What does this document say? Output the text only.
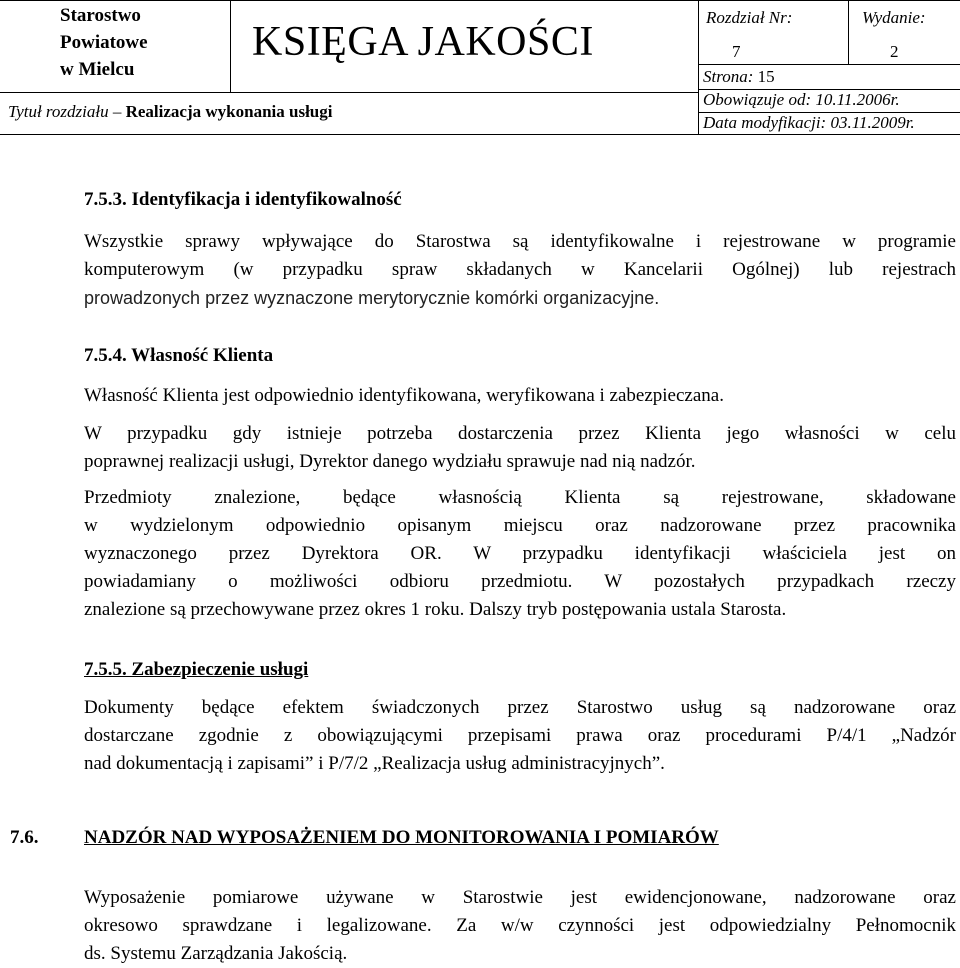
Starostwo
Powiatowe
w Mielcu
KSIĘGA JAKOŚCI
Rozdział Nr:
7
Wydanie:
2
Strona: 15
Obowiązuje od: 10.11.2006r.
Data modyfikacji: 03.11.2009r.
Tytuł rozdziału – Realizacja wykonania usługi
7.5.3. Identyfikacja i identyfikowalność
Wszystkie sprawy wpływające do Starostwa są identyfikowalne i rejestrowane w programie
komputerowym (w przypadku spraw składanych w Kancelarii Ogólnej) lub rejestrach
prowadzonych przez wyznaczone merytorycznie komórki organizacyjne.
7.5.4. Własność Klienta
Własność Klienta jest odpowiednio identyfikowana, weryfikowana i zabezpieczana.
W przypadku gdy istnieje potrzeba dostarczenia przez Klienta jego własności w celu
poprawnej realizacji usługi, Dyrektor danego wydziału sprawuje nad nią nadzór.
Przedmioty znalezione, będące własnością Klienta są rejestrowane, składowane
w wydzielonym odpowiednio opisanym miejscu oraz nadzorowane przez pracownika
wyznaczonego przez Dyrektora OR. W przypadku identyfikacji właściciela jest on
powiadamiany o możliwości odbioru przedmiotu. W pozostałych przypadkach rzeczy
znalezione są przechowywane przez okres 1 roku. Dalszy tryb postępowania ustala Starosta.
7.5.5. Zabezpieczenie usługi
Dokumenty będące efektem świadczonych przez Starostwo usług są nadzorowane oraz
dostarczane zgodnie z obowiązującymi przepisami prawa oraz procedurami P/4/1 „Nadzór
nad dokumentacją i zapisami” i P/7/2 „Realizacja usług administracyjnych”.
7.6. NADZÓR NAD WYPOSAŻENIEM DO MONITOROWANIA I POMIARÓW
Wyposażenie pomiarowe używane w Starostwie jest ewidencjonowane, nadzorowane oraz
okresowo sprawdzane i legalizowane. Za w/w czynności jest odpowiedzialny Pełnomocnik
ds. Systemu Zarządzania Jakością.
